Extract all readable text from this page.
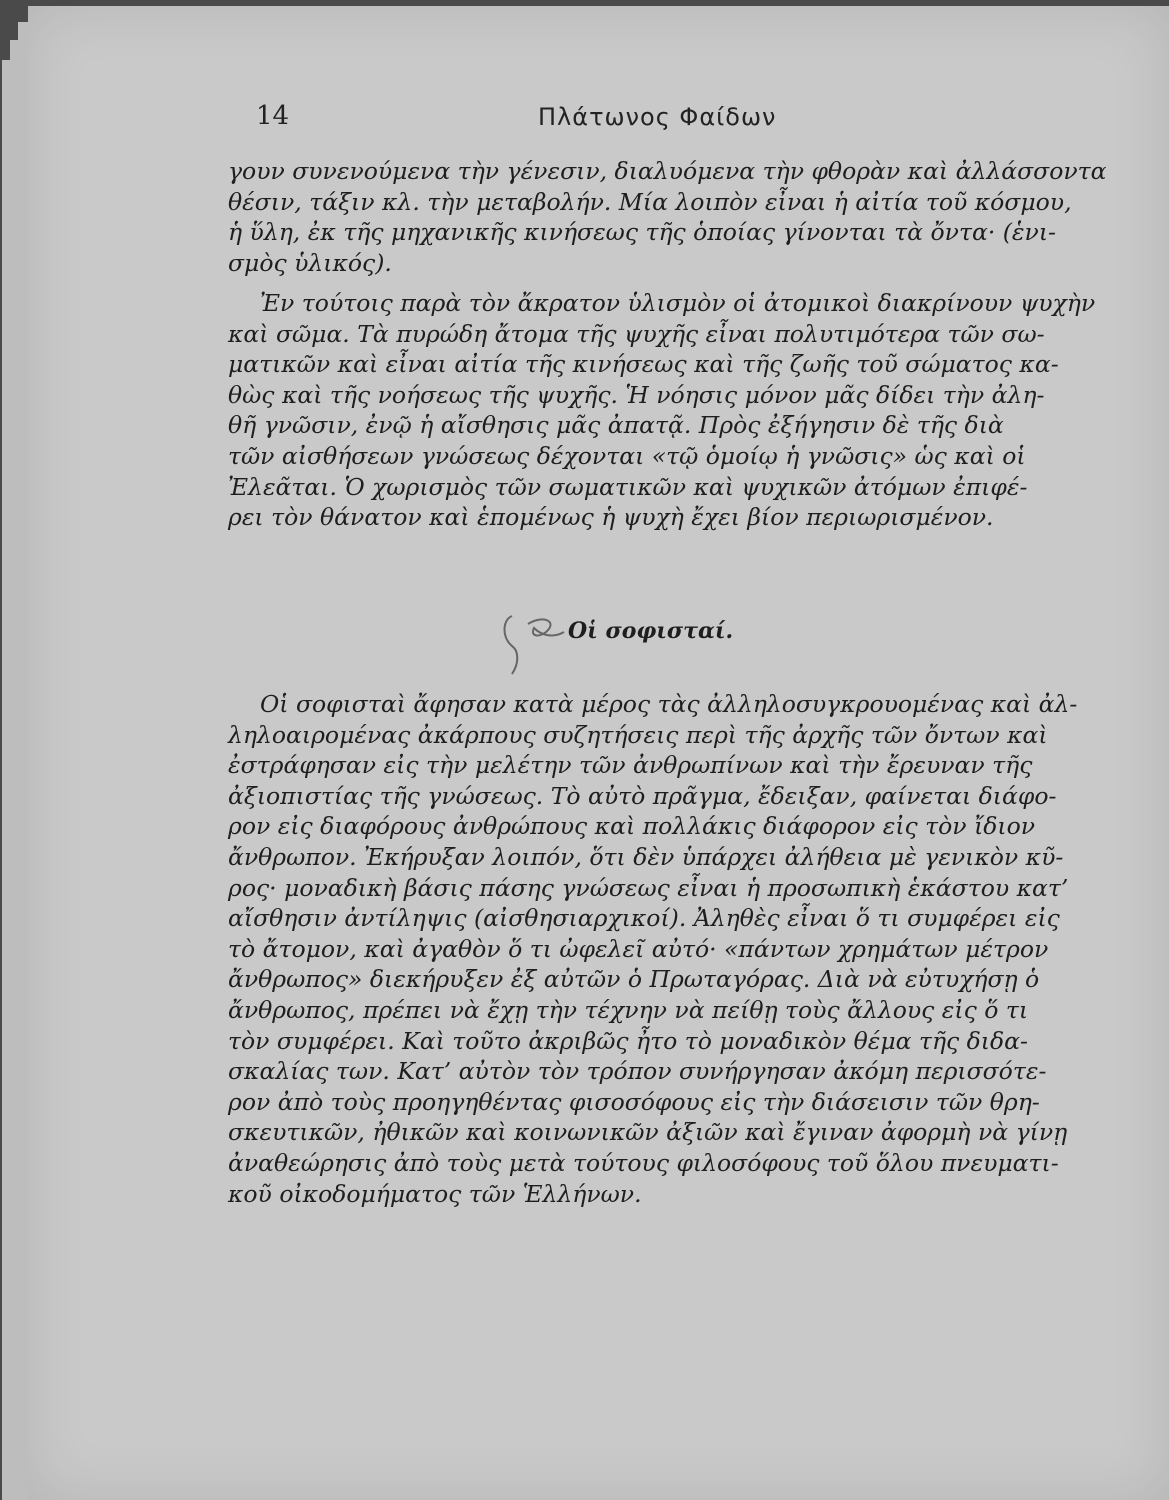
14	Πλάτωνος Φαίδων
γουν συνενούμενα τὴν γένεσιν, διαλυόμενα τὴν φθορὰν καὶ ἀλλάσσοντα
θέσιν, τάξιν κλ. τὴν μεταβολήν. Μία λοιπὸν εἶναι ἡ αἰτία τοῦ κόσμου,
ἡ ὕλη, ἐκ τῆς μηχανικῆς κινήσεως τῆς ὁποίας γίνονται τὰ ὄντα· (ἑνι-
σμὸς ὑλικός).
Ἐν τούτοις παρὰ τὸν ἄκρατον ὑλισμὸν οἱ ἀτομικοὶ διακρίνουν ψυχὴν
καὶ σῶμα. Τὰ πυρώδη ἄτομα τῆς ψυχῆς εἶναι πολυτιμότερα τῶν σω-
ματικῶν καὶ εἶναι αἰτία τῆς κινήσεως καὶ τῆς ζωῆς τοῦ σώματος κα-
θὼς καὶ τῆς νοήσεως τῆς ψυχῆς. Ἡ νόησις μόνον μᾶς δίδει τὴν ἀλη-
θῆ γνῶσιν, ἐνῷ ἡ αἴσθησις μᾶς ἀπατᾷ. Πρὸς ἐξήγησιν δὲ τῆς διὰ
τῶν αἰσθήσεων γνώσεως δέχονται «τῷ ὁμοίῳ ἡ γνῶσις» ὡς καὶ οἱ
Ἐλεᾶται. Ὁ χωρισμὸς τῶν σωματικῶν καὶ ψυχικῶν ἀτόμων ἐπιφέ-
ρει τὸν θάνατον καὶ ἑπομένως ἡ ψυχὴ ἔχει βίον περιωρισμένον.
Οἱ σοφισταί.
Οἱ σοφισταὶ ἄφησαν κατὰ μέρος τὰς ἀλληλοσυγκρουομένας καὶ ἀλ-
ληλοαιρομένας ἀκάρπους συζητήσεις περὶ τῆς ἀρχῆς τῶν ὄντων καὶ
ἐστράφησαν εἰς τὴν μελέτην τῶν ἀνθρωπίνων καὶ τὴν ἔρευναν τῆς
ἀξιοπιστίας τῆς γνώσεως. Τὸ αὐτὸ πρᾶγμα, ἔδειξαν, φαίνεται διάφο-
ρον εἰς διαφόρους ἀνθρώπους καὶ πολλάκις διάφορον εἰς τὸν ἴδιον
ἄνθρωπον. Ἐκήρυξαν λοιπόν, ὅτι δὲν ὑπάρχει ἀλήθεια μὲ γενικὸν κῦ-
ρος· μοναδικὴ βάσις πάσης γνώσεως εἶναι ἡ προσωπικὴ ἑκάστου κατ’
αἴσθησιν ἀντίληψις (αἰσθησιαρχικοί). Ἀληθὲς εἶναι ὅ τι συμφέρει εἰς
τὸ ἄτομον, καὶ ἀγαθὸν ὅ τι ὠφελεῖ αὐτό· «πάντων χρημάτων μέτρον
ἄνθρωπος» διεκήρυξεν ἐξ αὐτῶν ὁ Πρωταγόρας. Διὰ νὰ εὐτυχήσῃ ὁ
ἄνθρωπος, πρέπει νὰ ἔχῃ τὴν τέχνην νὰ πείθῃ τοὺς ἄλλους εἰς ὅ τι
τὸν συμφέρει. Καὶ τοῦτο ἀκριβῶς ἦτο τὸ μοναδικὸν θέμα τῆς διδα-
σκαλίας των. Κατ’ αὐτὸν τὸν τρόπον συνήργησαν ἀκόμη περισσότε-
ρον ἀπὸ τοὺς προηγηθέντας φισοσόφους εἰς τὴν διάσεισιν τῶν θρη-
σκευτικῶν, ἠθικῶν καὶ κοινωνικῶν ἀξιῶν καὶ ἔγιναν ἀφορμὴ νὰ γίνῃ
ἀναθεώρησις ἀπὸ τοὺς μετὰ τούτους φιλοσόφους τοῦ ὅλου πνευματι-
κοῦ οἰκοδομήματος τῶν Ἑλλήνων.
